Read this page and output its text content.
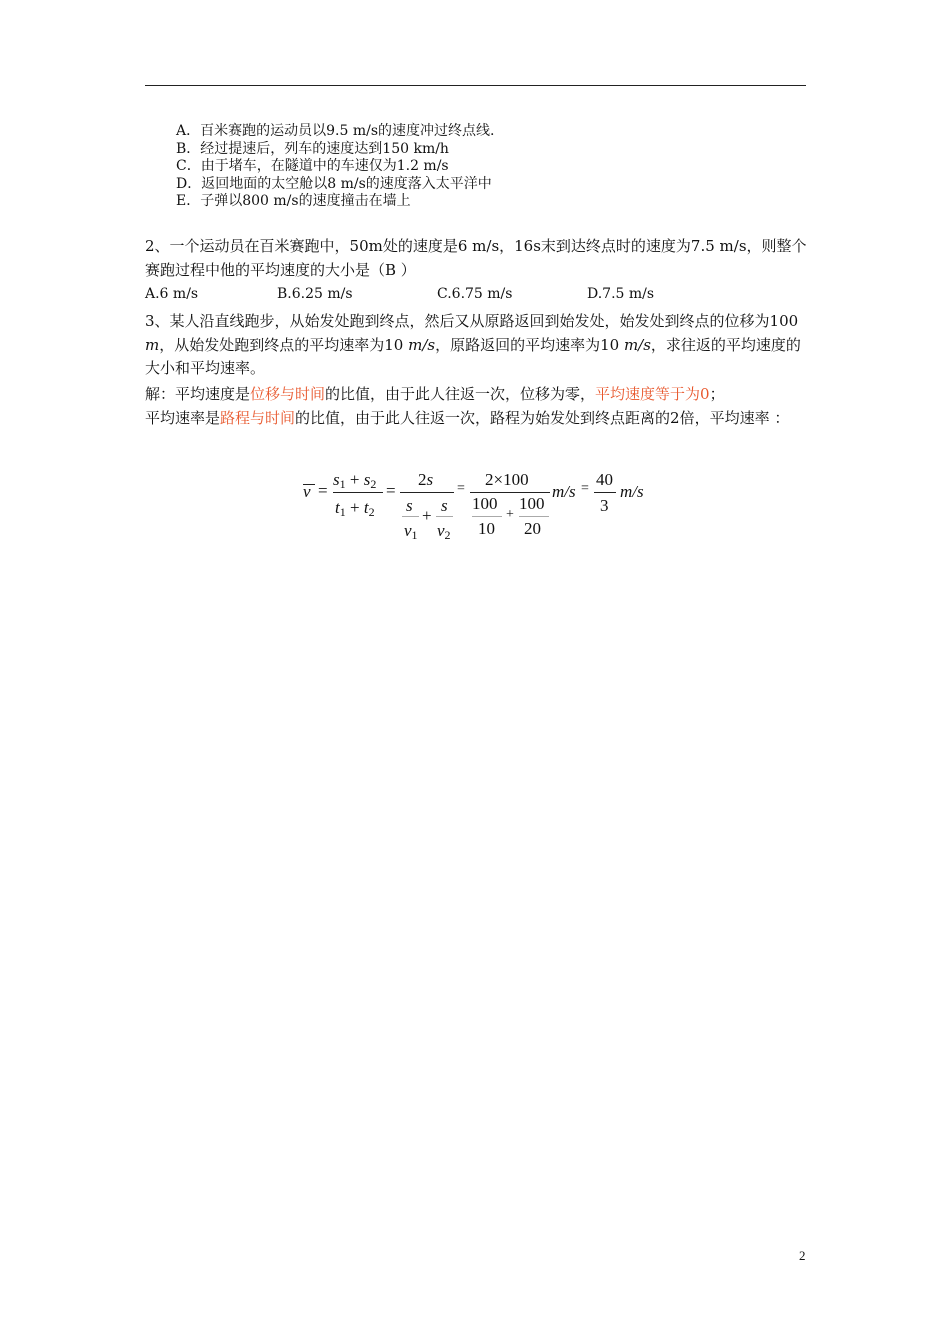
A．百米赛跑的运动员以9.5 m/s的速度冲过终点线.
B．经过提速后，列车的速度达到150 km/h
C．由于堵车，在隧道中的车速仅为1.2 m/s
D．返回地面的太空舱以8 m/s的速度落入太平洋中
E．子弹以800 m/s的速度撞击在墙上
2、一个运动员在百米赛跑中，50m处的速度是6 m/s，16s末到达终点时的速度为7.5 m/s，则整个赛跑过程中他的平均速度的大小是（B ）
A.6 m/s	B.6.25 m/s	C.6.75 m/s	D.7.5 m/s
3、某人沿直线跑步，从始发处跑到终点，然后又从原路返回到始发处，始发处到终点的位移为100 m，从始发处跑到终点的平均速率为10 m/s，原路返回的平均速率为10 m/s，求往返的平均速度的大小和平均速率。
解：平均速度是位移与时间的比值，由于此人往返一次，位移为零，平均速度等于为0；
平均速率是路程与时间的比值，由于此人往返一次，路程为始发处到终点距离的2倍，平均速率 ：
v =
s1 + s2
t1 + t2
=
2s
s
v1
+
s
v2
= 2×100
100
10
+
100
20
m/s = 40
3
m/s
2
